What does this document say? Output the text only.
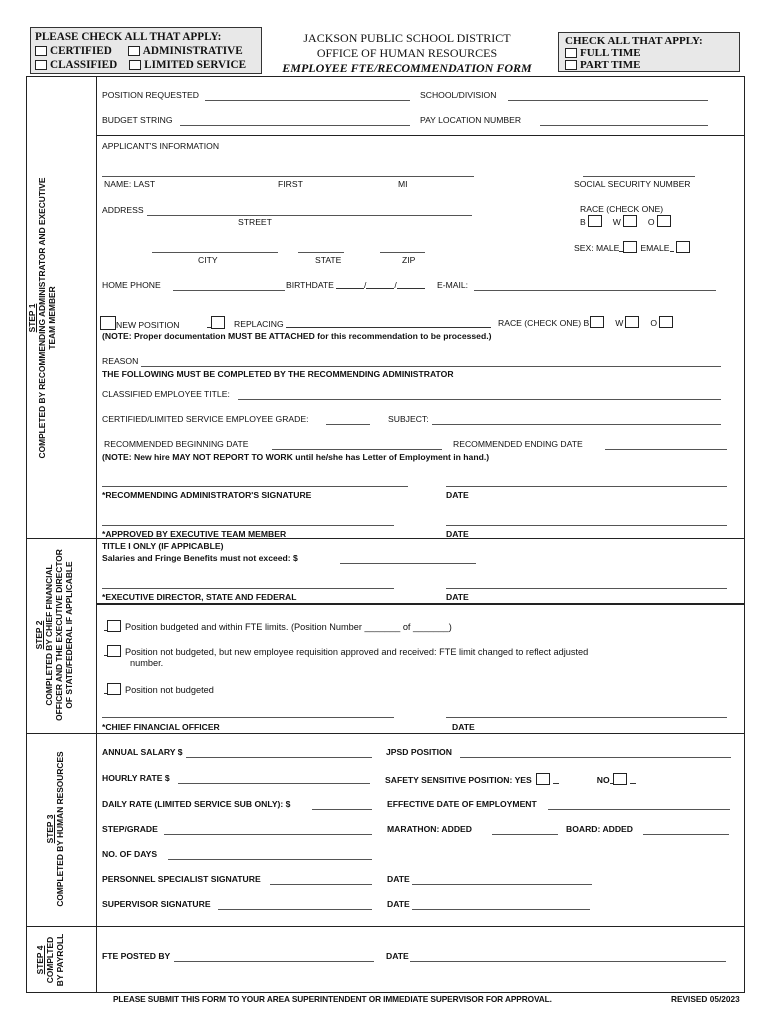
PLEASE CHECK ALL THAT APPLY:
CERTIFIED	ADMINISTRATIVE
CLASSIFIED LIMITED SERVICE
JACKSON PUBLIC SCHOOL DISTRICT
OFFICE OF HUMAN RESOURCES
EMPLOYEE FTE/RECOMMENDATION FORM
CHECK ALL THAT APPLY:
FULL TIME
PART TIME
STEP 1 COMPLETED BY RECOMMENDING ADMINISTRATOR AND EXECUTIVE TEAM MEMBER
STEP 2 COMPLETED BY CHIEF FINANCIAL OFFICER AND THE EXECUTIVE DIRECTOR OF STATE/FEDERAL IF APPLICABLE
STEP 3 COMPLETED BY HUMAN RESOURCES
STEP 4 COMPLTED BY PAYROLL
POSITION REQUESTED	SCHOOL/DIVISION
BUDGET STRING	PAY LOCATION NUMBER
APPLICANT'S INFORMATION
NAME: LAST	FIRST	MI	SOCIAL SECURITY NUMBER
ADDRESS
STREET
RACE (CHECK ONE)
B	W	O
CITY	STATE	ZIP
SEX: MALE EMALE
HOME PHONE	BIRTHDATE	/	/	E-MAIL:
NEW POSITION	REPLACING	RACE (CHECK ONE) B	W	O
(NOTE: Proper documentation MUST BE ATTACHED for this recommendation to be processed.)
REASON
THE FOLLOWING MUST BE COMPLETED BY THE RECOMMENDING ADMINISTRATOR
CLASSIFIED EMPLOYEE TITLE:
CERTIFIED/LIMITED SERVICE EMPLOYEE GRADE:	SUBJECT:
RECOMMENDED BEGINNING DATE	RECOMMENDED ENDING DATE
(NOTE: New hire MAY NOT REPORT TO WORK until he/she has Letter of Employment in hand.)
*RECOMMENDING ADMINISTRATOR'S SIGNATURE	DATE
*APPROVED BY EXECUTIVE TEAM MEMBER	DATE
TITLE I ONLY (IF APPICABLE)
Salaries and Fringe Benefits must not exceed: $
*EXECUTIVE DIRECTOR, STATE AND FEDERAL	DATE
Position budgeted and within FTE limits. (Position Number _______ of _______)
Position not budgeted, but new employee requisition approved and received: FTE limit changed to reflect adjusted
number.
Position not budgeted
*CHIEF FINANCIAL OFFICER	DATE
ANNUAL SALARY $	JPSD POSITION
HOURLY RATE $	SAFETY SENSITIVE POSITION: YES	NO
DAILY RATE (LIMITED SERVICE SUB ONLY): $	EFFECTIVE DATE OF EMPLOYMENT
STEP/GRADE	MARATHON: ADDED	BOARD: ADDED
NO. OF DAYS
PERSONNEL SPECIALIST SIGNATURE	DATE
SUPERVISOR SIGNATURE	DATE
FTE POSTED BY	DATE
PLEASE SUBMIT THIS FORM TO YOUR AREA SUPERINTENDENT OR IMMEDIATE SUPERVISOR FOR APPROVAL.	REVISED 05/2023
